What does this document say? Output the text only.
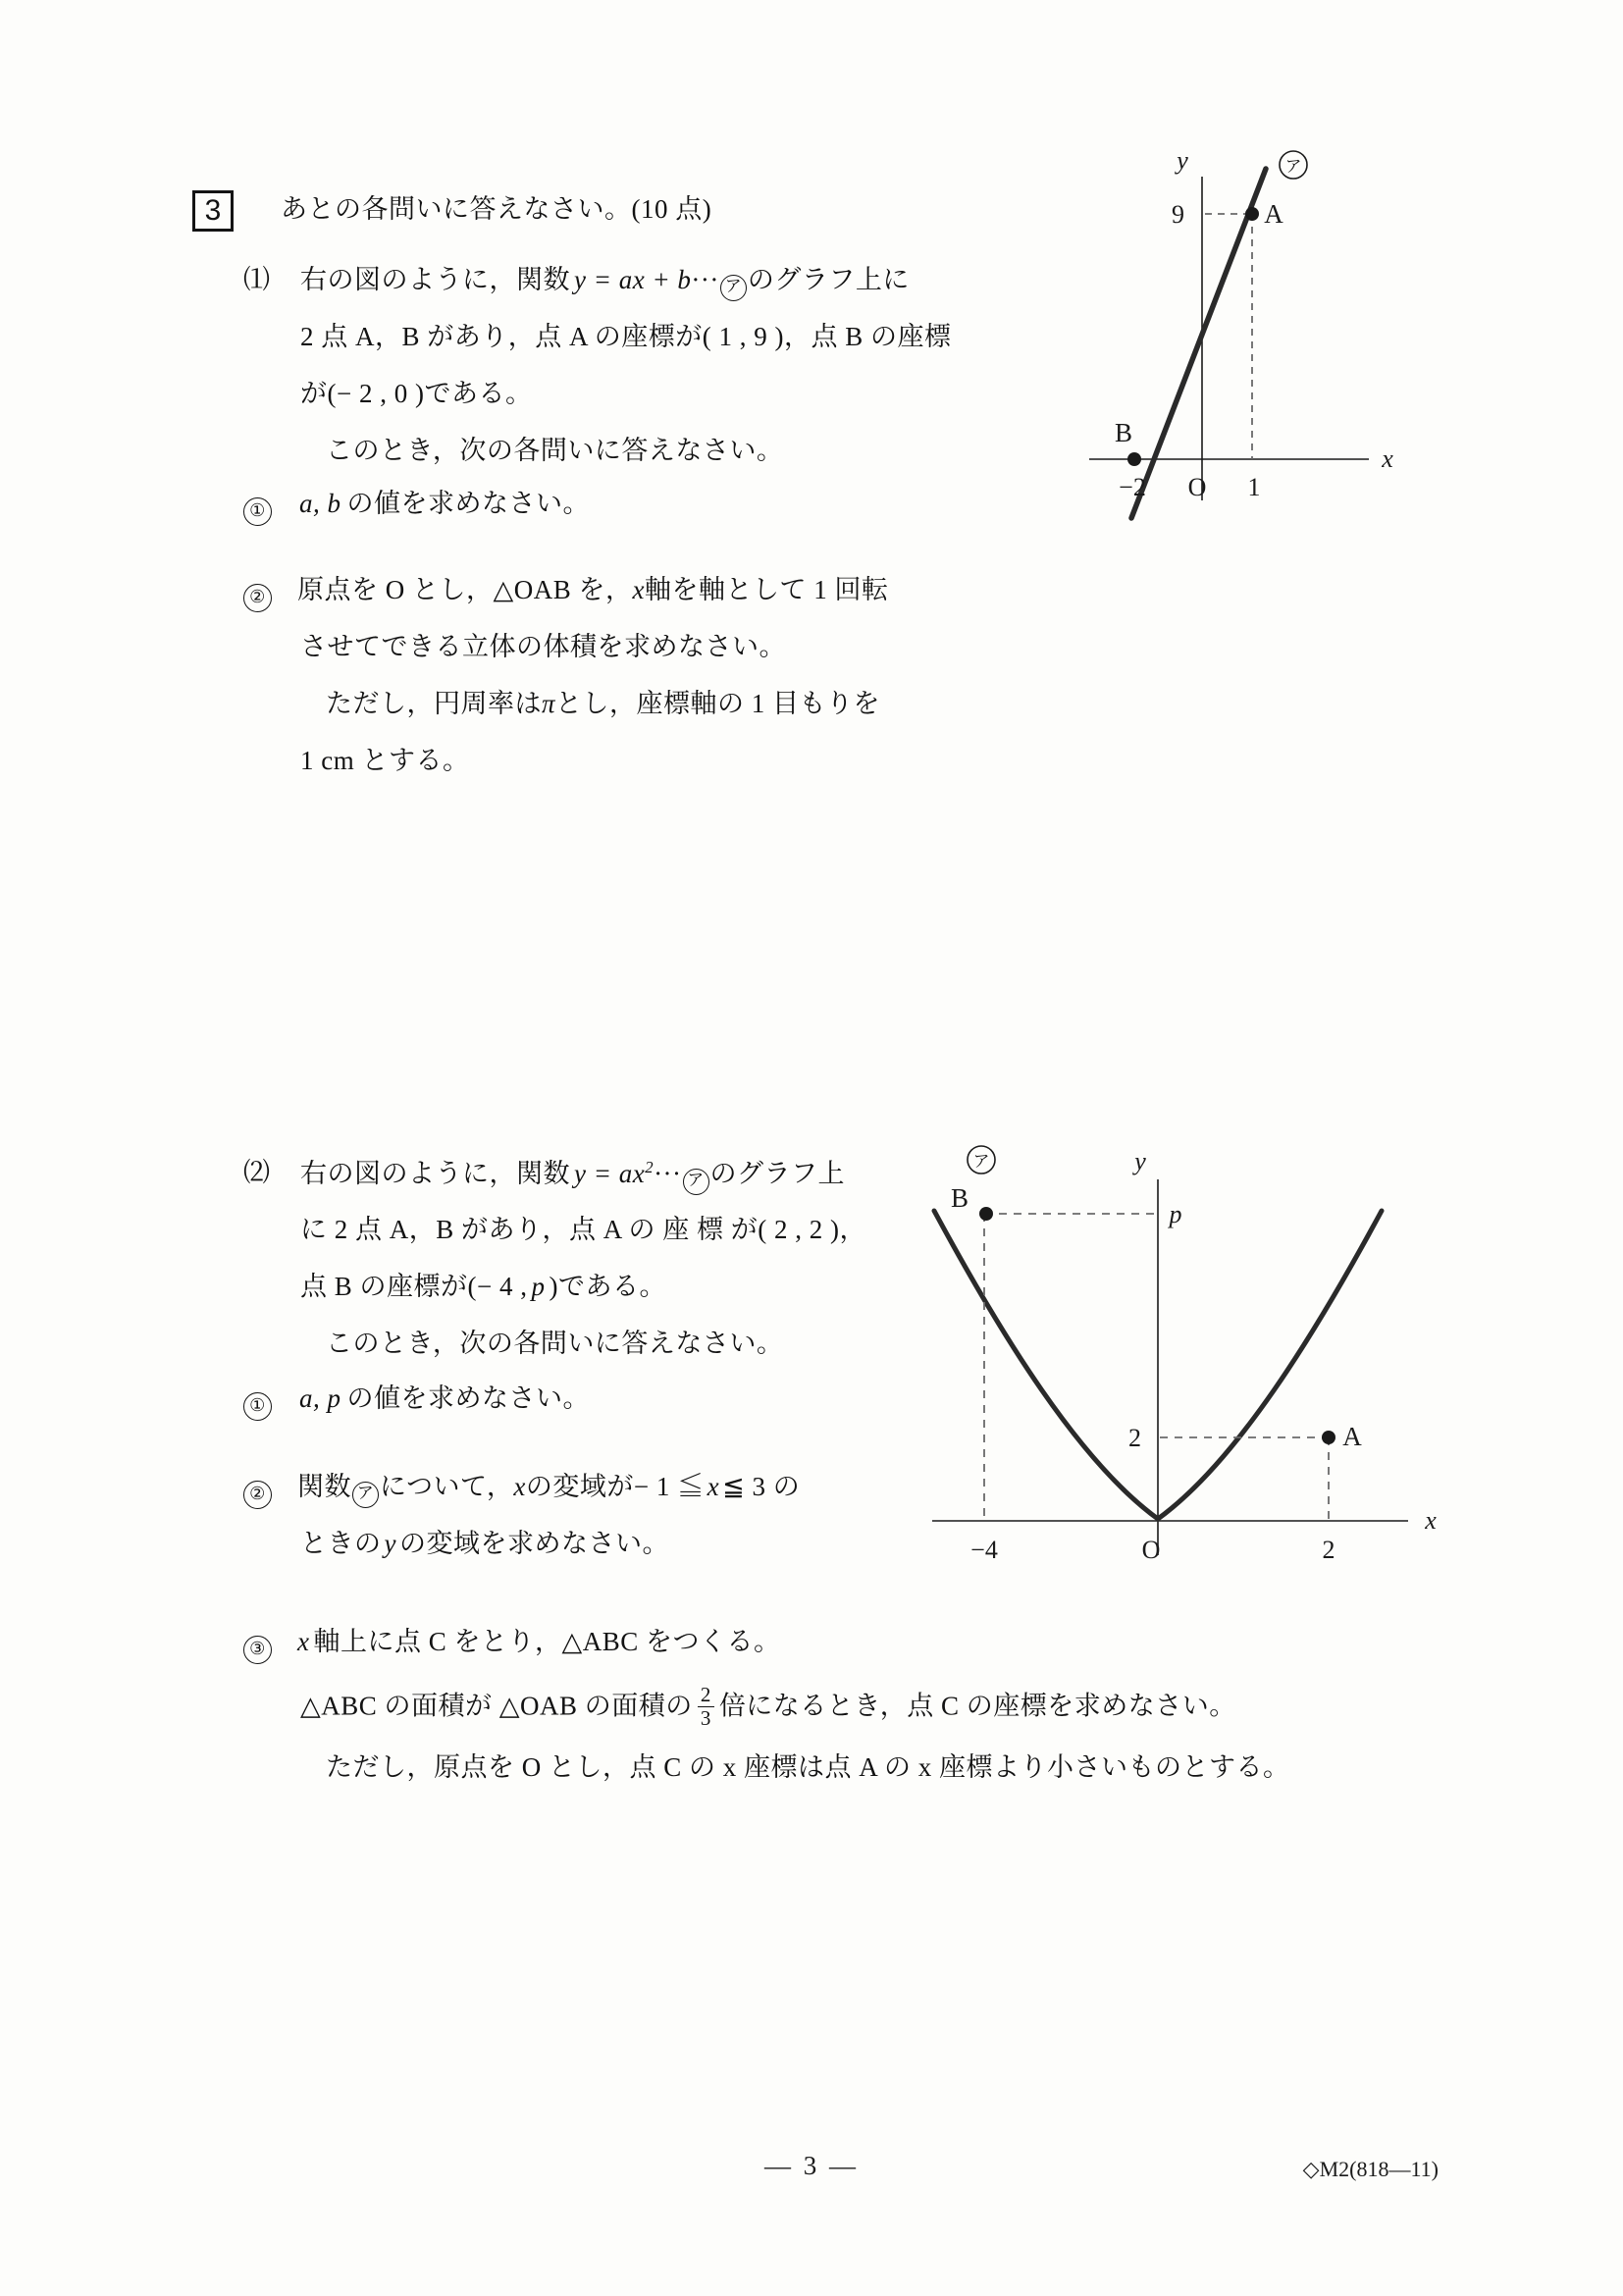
3	あとの各問いに答えなさい。(10 点)
⑴ 右の図のように，関数 y = ax + b··· ア のグラフ上に
2 点 A，B があり，点 A の座標が( 1 , 9 )，点 B の座標
が(− 2 , 0 )である。
このとき，次の各問いに答えなさい。
① a, b の値を求めなさい。
② 原点を O とし，△OAB を，x軸を軸として 1 回転
させてできる立体の体積を求めなさい。
ただし，円周率はπとし，座標軸の 1 目もりを
1 cm とする。
ア
y
x
9
−2	1
O
A
B
⑵ 右の図のように，関数 $y = ax^2\cdot\cdot\cdot$ ア のグラフ上
に 2 点 A，B があり，点 A の 座 標 が( 2 , 2 )，
点 B の座標が(− 4 , p )である。
このとき，次の各問いに答えなさい。
① a, p の値を求めなさい。
② 関数 ア について，xの変域が− 1 ≦ x ≦ 3 の
ときの y の変域を求めなさい。
③ x 軸上に点 C をとり，△ABC をつくる。
△ABC の面積が △OAB の面積の $\frac{2}{3}$ 倍になるとき，点 C の座標を求めなさい。
ただし，原点を O とし，点 C の x 座標は点 A の x 座標より小さいものとする。
ア	y
x
B
A
p
2
−4	2
O
— 3 —	◇M2(818—11)
